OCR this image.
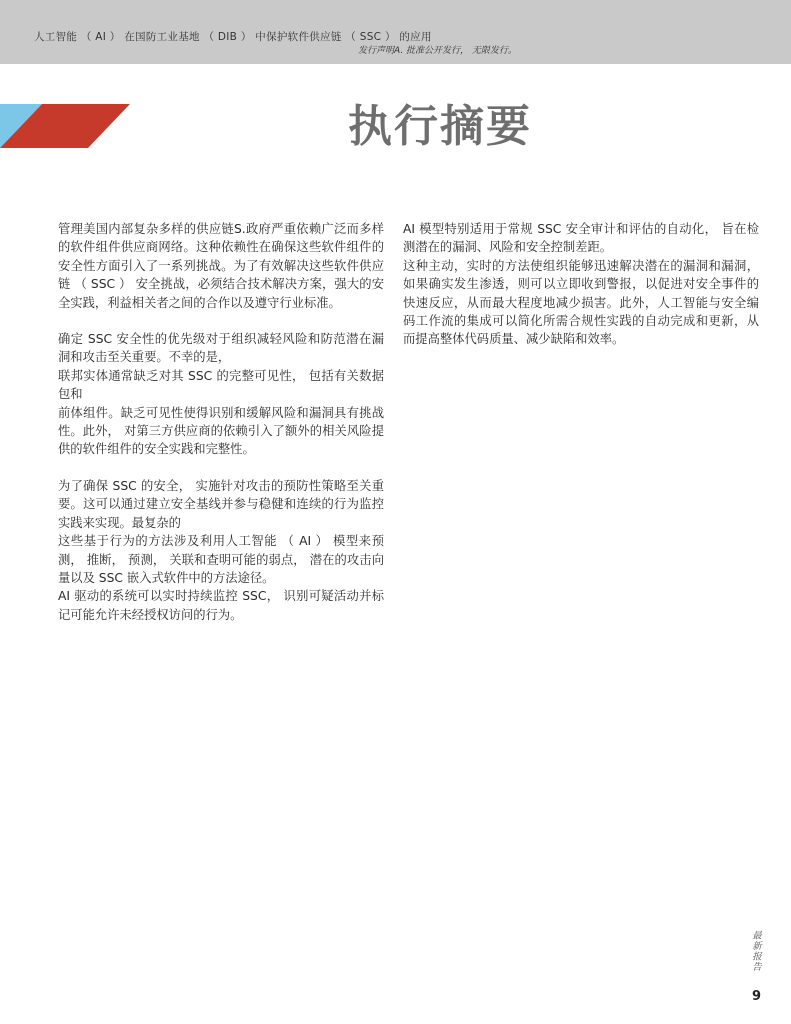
人工智能 （ AI ） 在国防工业基地 （ DIB ） 中保护软件供应链 （ SSC ） 的应用
发行声明A. 批准公开发行， 无限发行。
执行摘要

管理美国内部复杂多样的供应链S.政府严重依赖广泛而多样的软件组件供应商网络。这种依赖性在确保这些软件组件的安全性方面引入了一系列挑战。为了有效解决这些软件供应链 （ SSC ） 安全挑战，必须结合技术解决方案，强大的安全实践，利益相关者之间的合作以及遵守行业标准。

确定 SSC 安全性的优先级对于组织减轻风险和防范潜在漏洞和攻击至关重要。不幸的是，

联邦实体通常缺乏对其 SSC 的完整可见性， 包括有关数据包和

前体组件。缺乏可见性使得识别和缓解风险和漏洞具有挑战性。此外， 对第三方供应商的依赖引入了额外的相关风险提供的软件组件的安全实践和完整性。

为了确保 SSC 的安全， 实施针对攻击的预防性策略至关重要。这可以通过建立安全基线并参与稳健和连续的行为监控实践来实现。最复杂的

这些基于行为的方法涉及利用人工智能 （ AI ） 模型来预测， 推断， 预测， 关联和查明可能的弱点， 潜在的攻击向量以及 SSC 嵌入式软件中的方法途径。

AI 驱动的系统可以实时持续监控 SSC， 识别可疑活动并标记可能允许未经授权访问的行为。

AI 模型特别适用于常规 SSC 安全审计和评估的自动化， 旨在检测潜在的漏洞、风险和安全控制差距。

这种主动，实时的方法使组织能够迅速解决潜在的漏洞和漏洞，如果确实发生渗透，则可以立即收到警报，以促进对安全事件的快速反应，从而最大程度地减少损害。此外，人工智能与安全编码工作流的集成可以简化所需合规性实践的自动完成和更新，从而提高整体代码质量、减少缺陷和效率。

最新报告
9
